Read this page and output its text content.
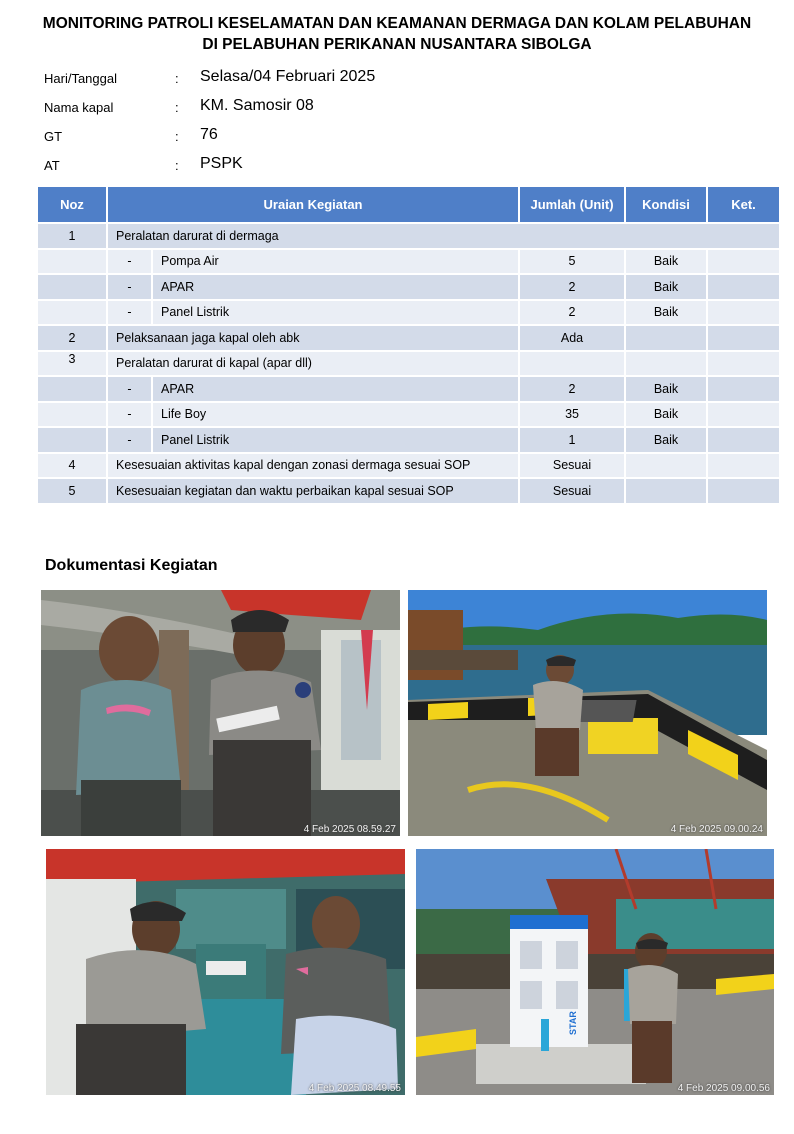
MONITORING PATROLI KESELAMATAN DAN KEAMANAN DERMAGA DAN KOLAM PELABUHAN
DI PELABUHAN PERIKANAN NUSANTARA SIBOLGA
Hari/Tanggal	: Selasa/04 Februari 2025
Nama kapal	: KM. Samosir 08
GT	: 76
AT	: PSPK
Noz	Uraian Kegiatan		Jumlah (Unit)	Kondisi	Ket.
1	Peralatan darurat di dermaga				
	-	Pompa Air	5	Baik	
	-	APAR	2	Baik	
	-	Panel Listrik	2	Baik	
2	Pelaksanaan jaga kapal oleh abk		Ada		
3	Peralatan darurat di kapal (apar dll)				
	-	APAR	2	Baik	
	-	Life Boy	35	Baik	
	-	Panel Listrik	1	Baik	
4	Kesesuaian aktivitas kapal dengan zonasi dermaga sesuai SOP		Sesuai		
5	Kesesuaian kegiatan dan waktu perbaikan kapal sesuai SOP		Sesuai		
Dokumentasi Kegiatan
4 Feb 2025 08.59.27	4 Feb 2025 09.00.24
4 Feb 2025 08.49.55
STAR
4 Feb 2025 09.00.56
